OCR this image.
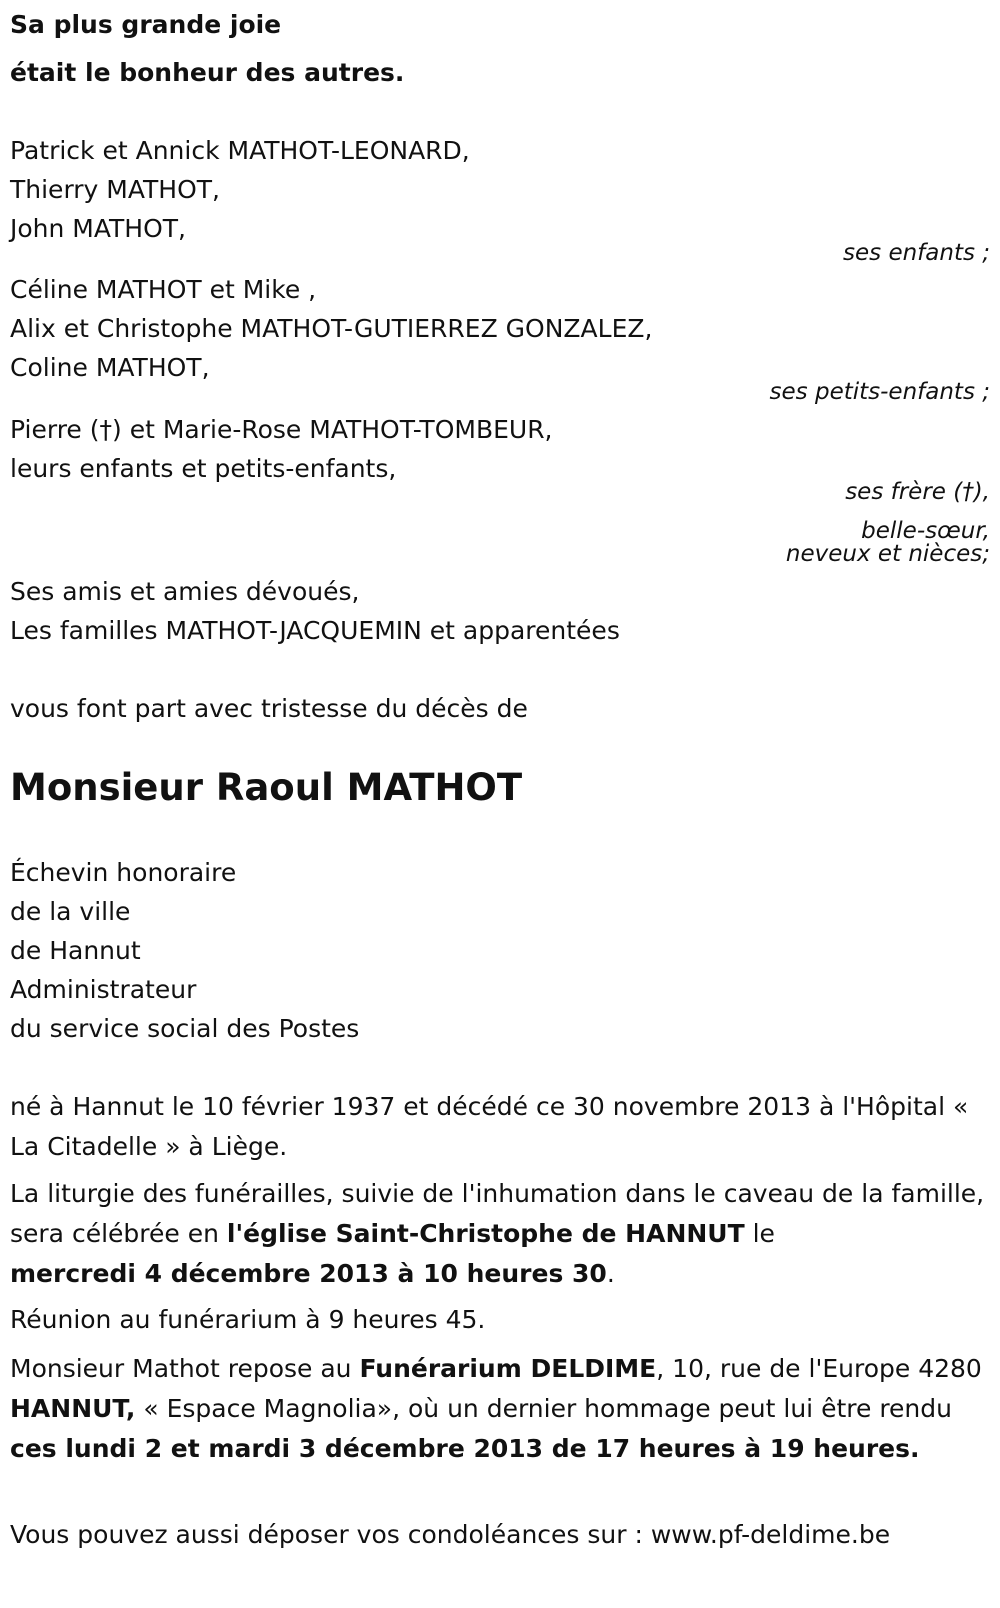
Sa plus grande joie
était le bonheur des autres.
Patrick et Annick MATHOT-LEONARD,
Thierry MATHOT,
John MATHOT,
ses enfants ;
Céline MATHOT et Mike ,
Alix et Christophe MATHOT-GUTIERREZ GONZALEZ,
Coline MATHOT,
ses petits-enfants ;
Pierre (†) et Marie-Rose MATHOT-TOMBEUR,
leurs enfants et petits-enfants,
ses frère (†),
belle-sœur,
neveux et nièces;
Ses amis et amies dévoués,
Les familles MATHOT-JACQUEMIN et apparentées
vous font part avec tristesse du décès de
Monsieur Raoul MATHOT
Échevin honoraire
de la ville
de Hannut
Administrateur
du service social des Postes

né à Hannut le 10 février 1937 et décédé ce 30 novembre 2013 à l'Hôpital « La Citadelle » à Liège.

La liturgie des funérailles, suivie de l'inhumation dans le caveau de la famille, sera célébrée en l'église Saint-Christophe de HANNUT le mercredi 4 décembre 2013 à 10 heures 30.

Réunion au funérarium à 9 heures 45.

Monsieur Mathot repose au Funérarium DELDIME, 10, rue de l'Europe 4280 HANNUT, « Espace Magnolia», où un dernier hommage peut lui être rendu ces lundi 2 et mardi 3 décembre 2013 de 17 heures à 19 heures.

Vous pouvez aussi déposer vos condoléances sur : www.pf-deldime.be
